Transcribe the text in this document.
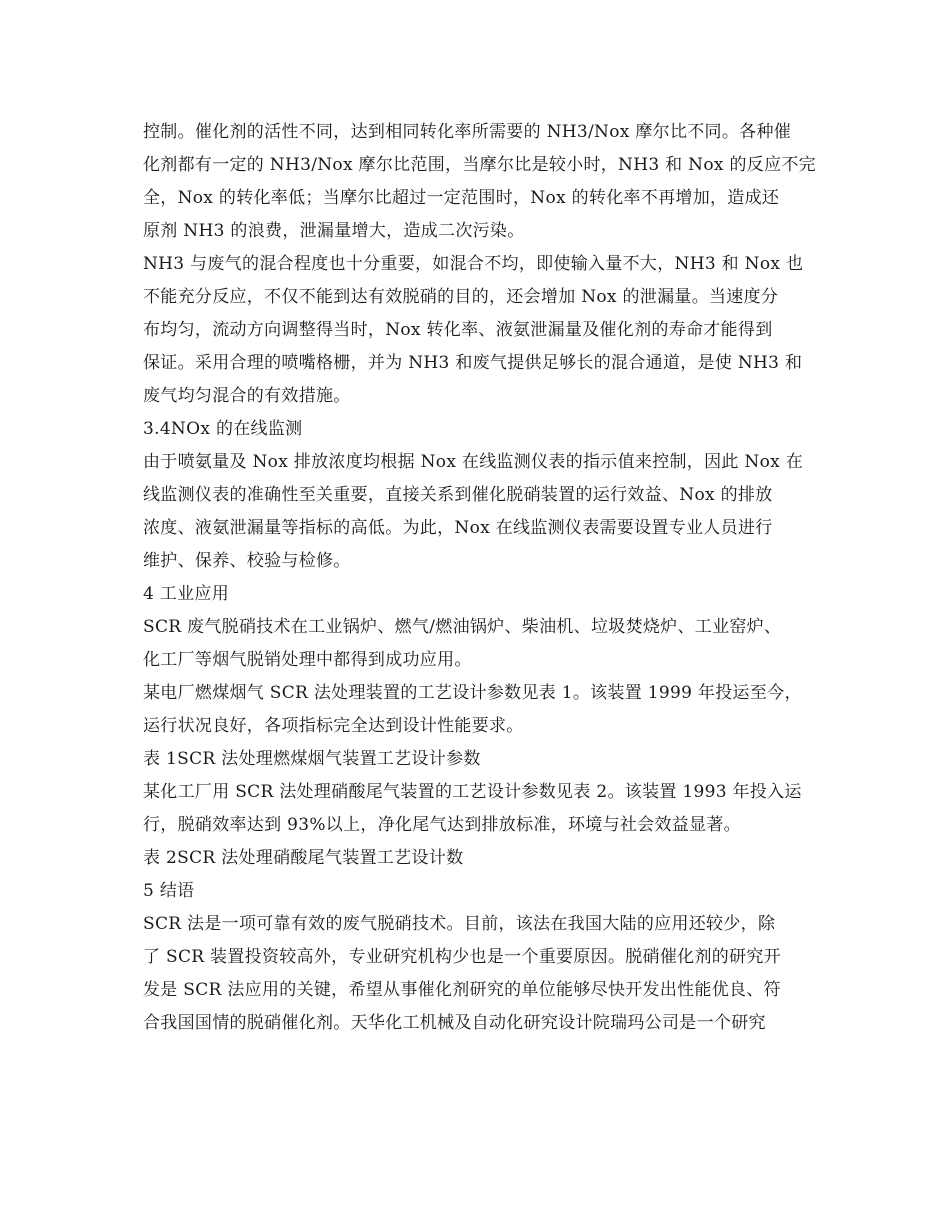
控制。催化剂的活性不同，达到相同转化率所需要的 NH3/Nox 摩尔比不同。各种催
化剂都有一定的 NH3/Nox 摩尔比范围，当摩尔比是较小时，NH3 和 Nox 的反应不完
全，Nox 的转化率低；当摩尔比超过一定范围时，Nox 的转化率不再增加，造成还
原剂 NH3 的浪费，泄漏量增大，造成二次污染。
NH3 与废气的混合程度也十分重要，如混合不均，即使输入量不大，NH3 和 Nox 也
不能充分反应，不仅不能到达有效脱硝的目的，还会增加 Nox 的泄漏量。当速度分
布均匀，流动方向调整得当时，Nox 转化率、液氨泄漏量及催化剂的寿命才能得到
保证。采用合理的喷嘴格栅，并为 NH3 和废气提供足够长的混合通道，是使 NH3 和
废气均匀混合的有效措施。
3.4NOx 的在线监测
由于喷氨量及 Nox 排放浓度均根据 Nox 在线监测仪表的指示值来控制，因此 Nox 在
线监测仪表的准确性至关重要，直接关系到催化脱硝装置的运行效益、Nox 的排放
浓度、液氨泄漏量等指标的高低。为此，Nox 在线监测仪表需要设置专业人员进行
维护、保养、校验与检修。
4 工业应用
SCR 废气脱硝技术在工业锅炉、燃气/燃油锅炉、柴油机、垃圾焚烧炉、工业窑炉、
化工厂等烟气脱销处理中都得到成功应用。
某电厂燃煤烟气 SCR 法处理装置的工艺设计参数见表 1。该装置 1999 年投运至今，
运行状况良好，各项指标完全达到设计性能要求。
表 1SCR 法处理燃煤烟气装置工艺设计参数
某化工厂用 SCR 法处理硝酸尾气装置的工艺设计参数见表 2。该装置 1993 年投入运
行，脱硝效率达到 93%以上，净化尾气达到排放标准，环境与社会效益显著。
表 2SCR 法处理硝酸尾气装置工艺设计数
5 结语
SCR 法是一项可靠有效的废气脱硝技术。目前，该法在我国大陆的应用还较少，除
了 SCR 装置投资较高外，专业研究机构少也是一个重要原因。脱硝催化剂的研究开
发是 SCR 法应用的关键，希望从事催化剂研究的单位能够尽快开发出性能优良、符
合我国国情的脱硝催化剂。天华化工机械及自动化研究设计院瑞玛公司是一个研究
